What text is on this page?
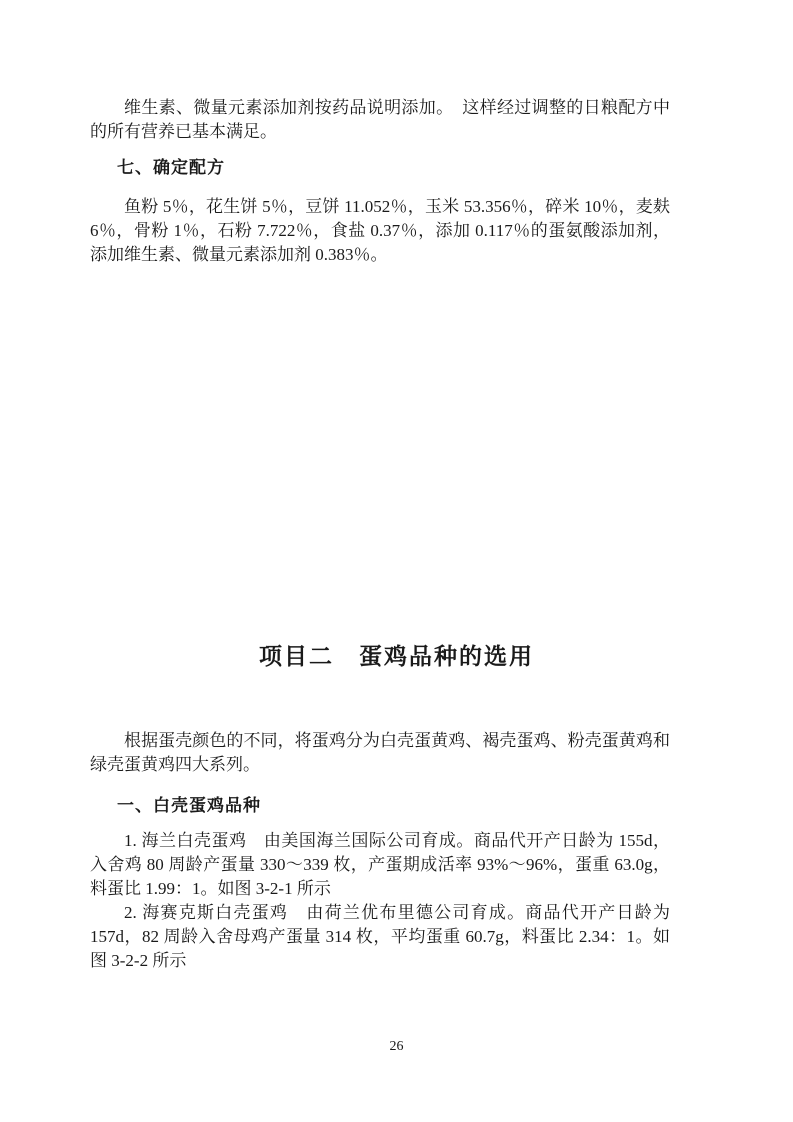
维生素、微量元素添加剂按药品说明添加。　这样经过调整的日粮配方中的所有营养已基本满足。

七、确定配方

鱼粉 5％，花生饼 5％，豆饼 11.052％，玉米 53.356％，碎米 10％，麦麸 6％，骨粉 1％，石粉 7.722％，食盐 0.37％，添加 0.117％的蛋氨酸添加剂，添加维生素、微量元素添加剂 0.383％。

项目二　蛋鸡品种的选用

根据蛋壳颜色的不同，将蛋鸡分为白壳蛋黄鸡、褐壳蛋鸡、粉壳蛋黄鸡和绿壳蛋黄鸡四大系列。

一、白壳蛋鸡品种

1. 海兰白壳蛋鸡　由美国海兰国际公司育成。商品代开产日龄为 155d，入舍鸡 80 周龄产蛋量 330～339 枚，产蛋期成活率 93%～96%，蛋重 63.0g，料蛋比 1.99：1。如图 3-2-1 所示

2. 海赛克斯白壳蛋鸡　由荷兰优布里德公司育成。商品代开产日龄为 157d，82 周龄入舍母鸡产蛋量 314 枚，平均蛋重 60.7g，料蛋比 2.34：1。如图 3-2-2 所示

26
